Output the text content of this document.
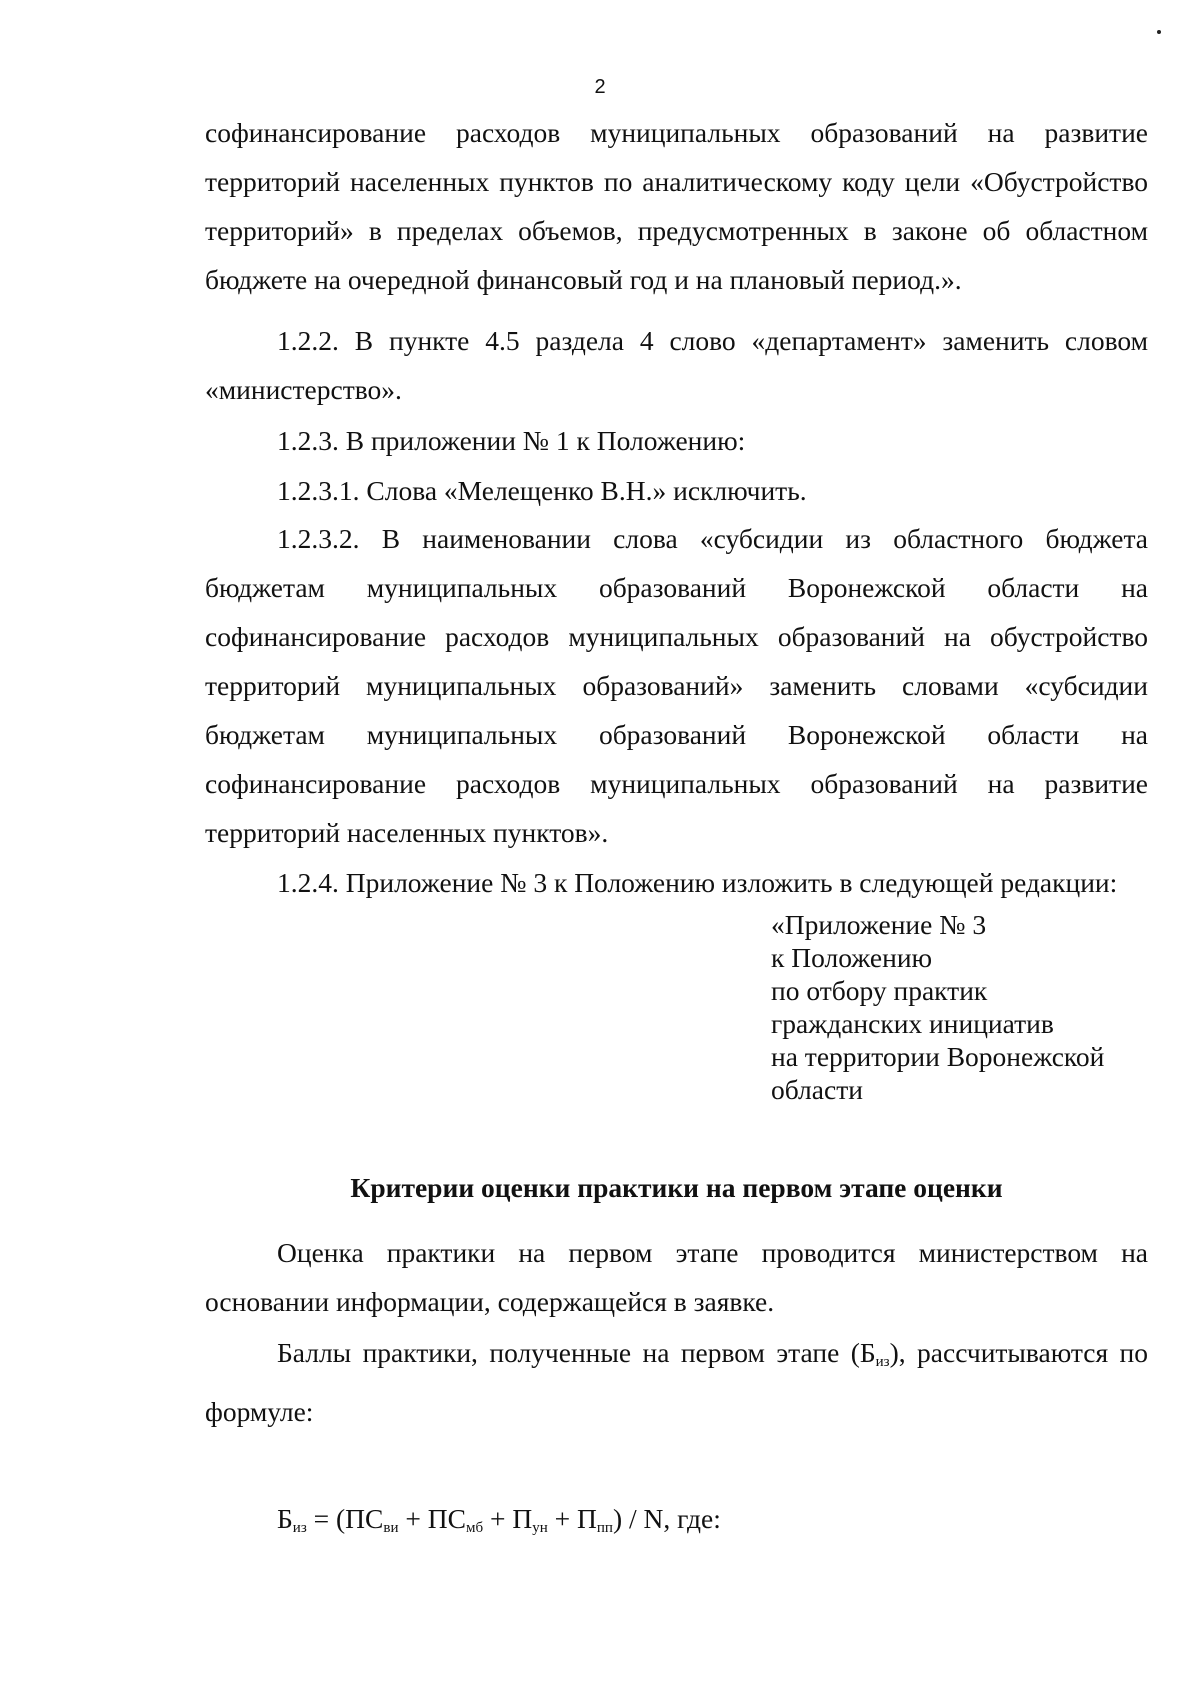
2
софинансирование расходов муниципальных образований на развитие
территорий населенных пунктов по аналитическому коду цели «Обустройство
территорий» в пределах объемов, предусмотренных в законе об областном
бюджете на очередной финансовый год и на плановый период.».
1.2.2. В пункте 4.5 раздела 4 слово «департамент» заменить словом
«министерство».
1.2.3. В приложении № 1 к Положению:
1.2.3.1. Слова «Мелещенко В.Н.» исключить.
1.2.3.2. В наименовании слова «субсидии из областного бюджета
бюджетам муниципальных образований Воронежской области на
софинансирование расходов муниципальных образований на обустройство
территорий муниципальных образований» заменить словами «субсидии
бюджетам муниципальных образований Воронежской области на
софинансирование расходов муниципальных образований на развитие
территорий населенных пунктов».
1.2.4. Приложение № 3 к Положению изложить в следующей редакции:
«Приложение № 3
к Положению
по отбору практик
гражданских инициатив
на территории Воронежской
области
Критерии оценки практики на первом этапе оценки
Оценка практики на первом этапе проводится министерством на
основании информации, содержащейся в заявке.
Баллы практики, полученные на первом этапе $(Б_{из})$, рассчитываются по
формуле:
$Б_{из} = (ПС_{ви} + ПС_{мб} + П_{ун} + П_{пп}) / N$, где:
